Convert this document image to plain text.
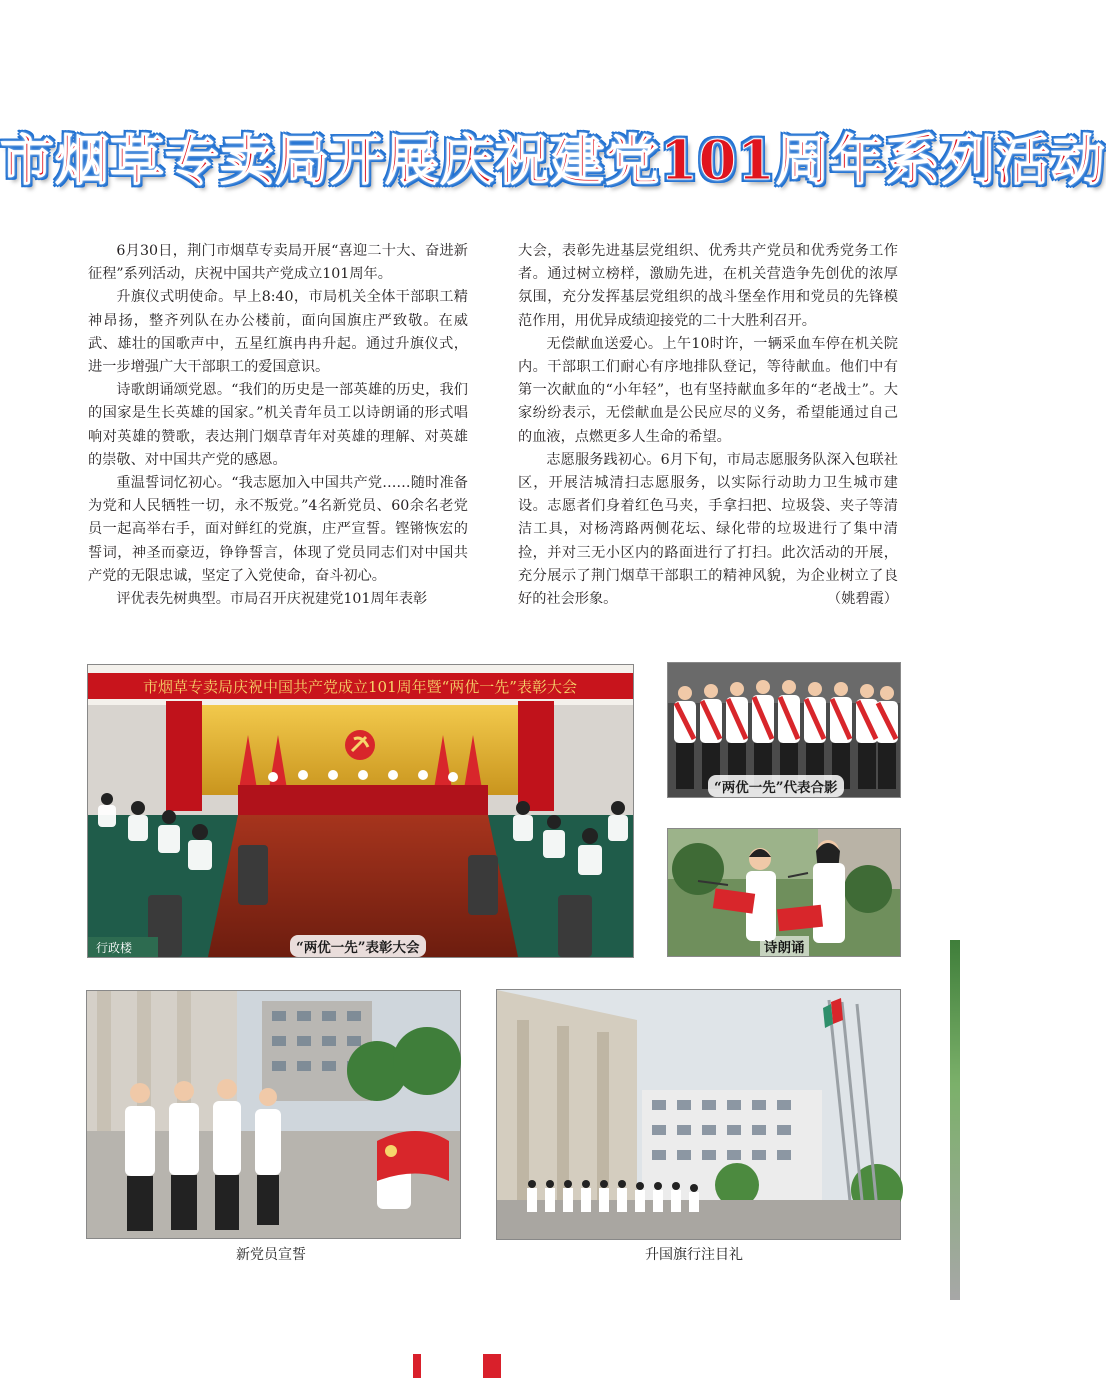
市烟草专卖局开展庆祝建党101周年系列活动

6月30日，荆门市烟草专卖局开展“喜迎二十大、奋进新征程”系列活动，庆祝中国共产党成立101周年。

升旗仪式明使命。早上8:40，市局机关全体干部职工精神昂扬，整齐列队在办公楼前，面向国旗庄严致敬。在威武、雄壮的国歌声中，五星红旗冉冉升起。通过升旗仪式，进一步增强广大干部职工的爱国意识。

诗歌朗诵颂党恩。“我们的历史是一部英雄的历史，我们的国家是生长英雄的国家。”机关青年员工以诗朗诵的形式唱响对英雄的赞歌，表达荆门烟草青年对英雄的理解、对英雄的崇敬、对中国共产党的感恩。

重温誓词忆初心。“我志愿加入中国共产党……随时准备为党和人民牺牲一切，永不叛党。”4名新党员、60余名老党员一起高举右手，面对鲜红的党旗，庄严宣誓。铿锵恢宏的誓词，神圣而豪迈，铮铮誓言，体现了党员同志们对中国共产党的无限忠诚，坚定了入党使命，奋斗初心。

评优表先树典型。市局召开庆祝建党101周年表彰

大会，表彰先进基层党组织、优秀共产党员和优秀党务工作者。通过树立榜样，激励先进，在机关营造争先创优的浓厚氛围，充分发挥基层党组织的战斗堡垒作用和党员的先锋模范作用，用优异成绩迎接党的二十大胜利召开。

无偿献血送爱心。上午10时许，一辆采血车停在机关院内。干部职工们耐心有序地排队登记，等待献血。他们中有第一次献血的“小年轻”，也有坚持献血多年的“老战士”。大家纷纷表示，无偿献血是公民应尽的义务，希望能通过自己的血液，点燃更多人生命的希望。

志愿服务践初心。6月下旬，市局志愿服务队深入包联社区，开展洁城清扫志愿服务，以实际行动助力卫生城市建设。志愿者们身着红色马夹，手拿扫把、垃圾袋、夹子等清洁工具，对杨湾路两侧花坛、绿化带的垃圾进行了集中清捡，并对三无小区内的路面进行了打扫。此次活动的开展，充分展示了荆门烟草干部职工的精神风貌，为企业树立了良好的社会形象。	（姚碧霞）

市烟草专卖局庆祝中国共产党成立101周年暨“两优一先”表彰大会
行政楼	“两优一先”表彰大会
“两优一先”代表合影
诗朗诵
新党员宣誓	升国旗行注目礼
